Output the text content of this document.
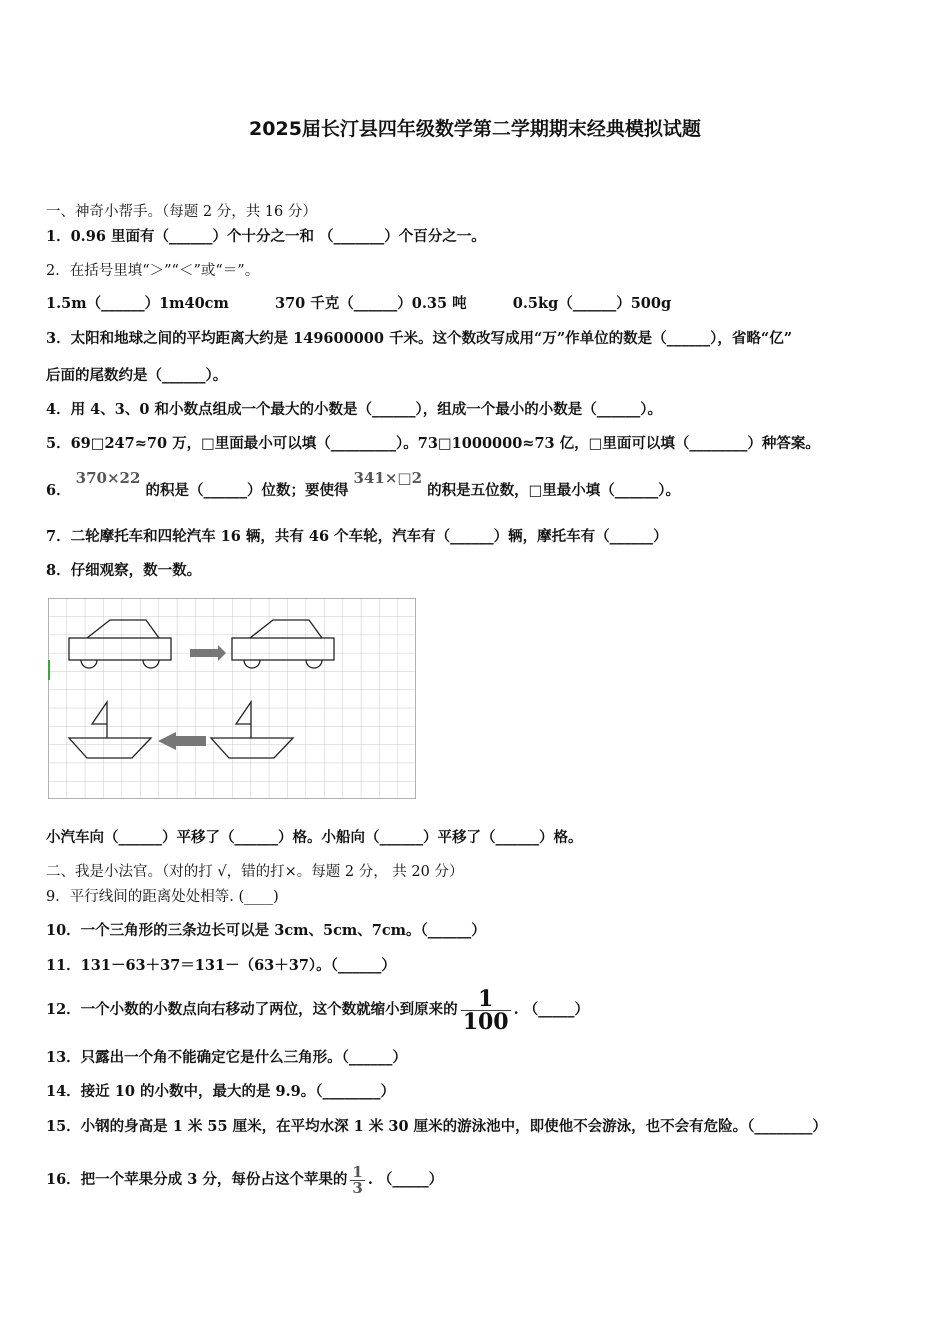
2025届长汀县四年级数学第二学期期末经典模拟试题
一、神奇小帮手。（每题 2 分，共 16 分）
1．0.96 里面有（______）个十分之一和 （_______）个百分之一。
2．在括号里填“＞”“＜”或“＝”。
1.5m（______）1m40cm	370 千克（______）0.35 吨	0.5kg（______）500g
3．太阳和地球之间的平均距离大约是 149600000 千米。这个数改写成用“万”作单位的数是（______），省略“亿”
后面的尾数约是（______）。
4．用 4、3、0 和小数点组成一个最大的小数是（______），组成一个最小的小数是（______）。
5．69□247≈70 万，□里面最小可以填（_________）。73□1000000≈73 亿，□里面可以填（________）种答案。
6． 370×22 的积是（______）位数；要使得 341×□2 的积是五位数，□里最小填（______）。
7．二轮摩托车和四轮汽车 16 辆，共有 46 个车轮，汽车有（______）辆，摩托车有（______）
8．仔细观察，数一数。
小汽车向（______）平移了（______）格。小船向（______）平移了（______）格。
二、我是小法官。（对的打 √，错的打×。每题 2 分， 共 20 分）
9．平行线间的距离处处相等. (____)
10．一个三角形的三条边长可以是 3cm、5cm、7cm。（______）
11．131－63＋37＝131－（63＋37）。（______）
12．一个小数的小数点向右移动了两位，这个数就缩小到原来的 $\frac{1}{100}$ . （_____）
13．只露出一个角不能确定它是什么三角形。（______）
14．接近 10 的小数中，最大的是 9.9。（________）
15．小钢的身高是 1 米 55 厘米，在平均水深 1 米 30 厘米的游泳池中，即使他不会游泳，也不会有危险。（________）
16．把一个苹果分成 3 分，每份占这个苹果的 $\frac{1}{3}$ . （_____）
